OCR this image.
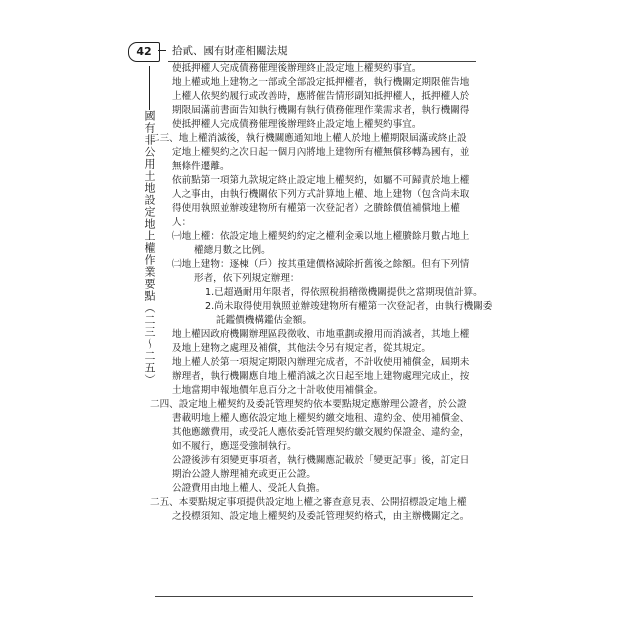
42	拾貳、國有財產相關法規
國有非公用土地設定地上權作業要點（二三～二五）
使抵押權人完成債務催理後辦理終止設定地上權契約事宜。
地上權或地上建物之一部或全部設定抵押權者，執行機關定期限催告地
上權人依契約履行或改善時，應將催告情形副知抵押權人，抵押權人於
期限屆滿前書面告知執行機關有執行債務催理作業需求者，執行機關得
使抵押權人完成債務催理後辦理終止設定地上權契約事宜。
二三、地上權消滅後，執行機關應通知地上權人於地上權期限屆滿或終止設
定地上權契約之次日起一個月內將地上建物所有權無償移轉為國有，並
無條件遷離。
依前點第一項第九款規定終止設定地上權契約，如屬不可歸責於地上權
人之事由，由執行機關依下列方式計算地上權、地上建物（包含尚未取
得使用執照並辦竣建物所有權第一次登記者）之賸餘價值補償地上權
人：
㈠地上權：依設定地上權契約約定之權利金乘以地上權賸餘月數占地上
權總月數之比例。
㈡地上建物：逐棟（戶）按其重建價格減除折舊後之餘額。但有下列情
形者，依下列規定辦理：
1.已超過耐用年限者，得依照稅捐稽徵機關提供之當期現值計算。
2.尚未取得使用執照並辦竣建物所有權第一次登記者，由執行機關委
託鑑價機構鑑估金額。
地上權因政府機關辦理區段徵收、市地重劃或撥用而消滅者，其地上權
及地上建物之處理及補償，其他法令另有規定者，從其規定。
地上權人於第一項規定期限內辦理完成者，不計收使用補償金，屆期未
辦理者，執行機關應自地上權消滅之次日起至地上建物處理完成止，按
土地當期申報地價年息百分之十計收使用補償金。
二四、設定地上權契約及委託管理契約依本要點規定應辦理公證者，於公證
書載明地上權人應依設定地上權契約繳交地租、違約金、使用補償金、
其他應繳費用，或受託人應依委託管理契約繳交履約保證金、違約金，
如不履行，應逕受強制執行。
公證後涉有須變更事項者，執行機關應記載於「變更記事」後，訂定日
期治公證人辦理補充或更正公證。
公證費用由地上權人、受託人負擔。
二五、本要點規定事項提供設定地上權之審查意見表、公開招標設定地上權
之投標須知、設定地上權契約及委託管理契約格式，由主辦機關定之。
